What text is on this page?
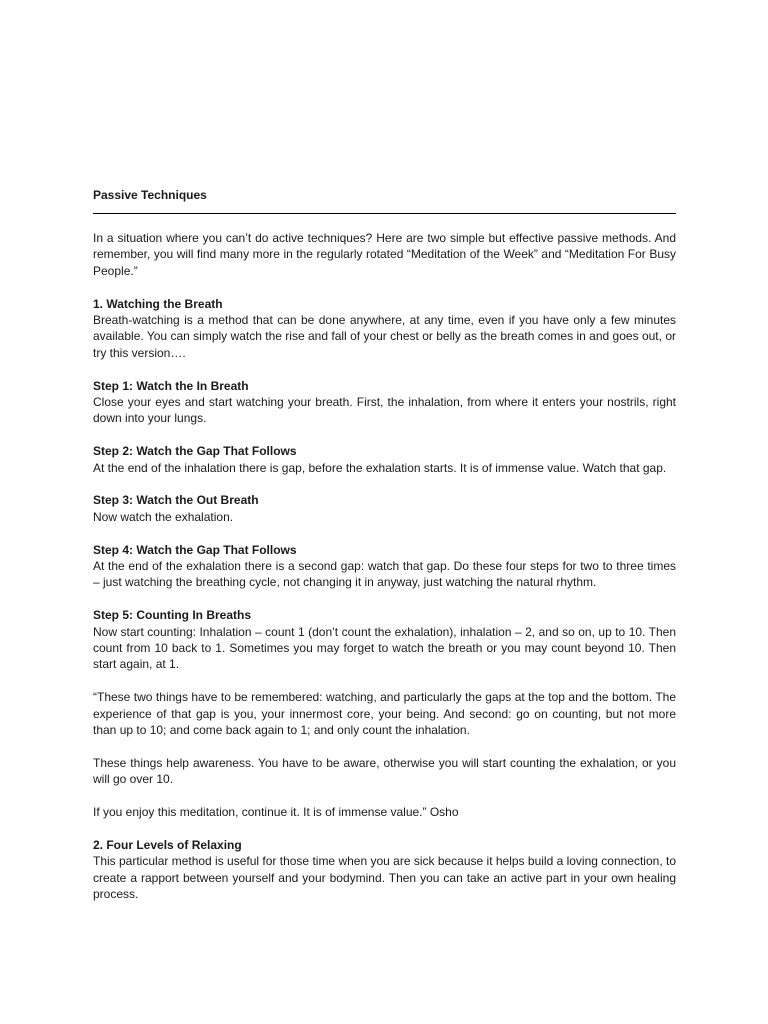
Passive Techniques

In a situation where you can’t do active techniques? Here are two simple but effective passive methods. And remember, you will find many more in the regularly rotated “Meditation of the Week” and “Meditation For Busy People.”

1. Watching the Breath
Breath-watching is a method that can be done anywhere, at any time, even if you have only a few minutes available. You can simply watch the rise and fall of your chest or belly as the breath comes in and goes out, or try this version….
Step 1: Watch the In Breath
Close your eyes and start watching your breath. First, the inhalation, from where it enters your nostrils, right down into your lungs.
Step 2: Watch the Gap That Follows
At the end of the inhalation there is gap, before the exhalation starts. It is of immense value. Watch that gap.
Step 3: Watch the Out Breath
Now watch the exhalation.
Step 4: Watch the Gap That Follows
At the end of the exhalation there is a second gap: watch that gap. Do these four steps for two to three times – just watching the breathing cycle, not changing it in anyway, just watching the natural rhythm.
Step 5: Counting In Breaths
Now start counting: Inhalation – count 1 (don’t count the exhalation), inhalation – 2, and so on, up to 10. Then count from 10 back to 1. Sometimes you may forget to watch the breath or you may count beyond 10. Then start again, at 1.

“These two things have to be remembered: watching, and particularly the gaps at the top and the bottom. The experience of that gap is you, your innermost core, your being. And second: go on counting, but not more than up to 10; and come back again to 1; and only count the inhalation.

These things help awareness. You have to be aware, otherwise you will start counting the exhalation, or you will go over 10.

If you enjoy this meditation, continue it. It is of immense value.” Osho

2. Four Levels of Relaxing
This particular method is useful for those time when you are sick because it helps build a loving connection, to create a rapport between yourself and your bodymind. Then you can take an active part in your own healing process.
